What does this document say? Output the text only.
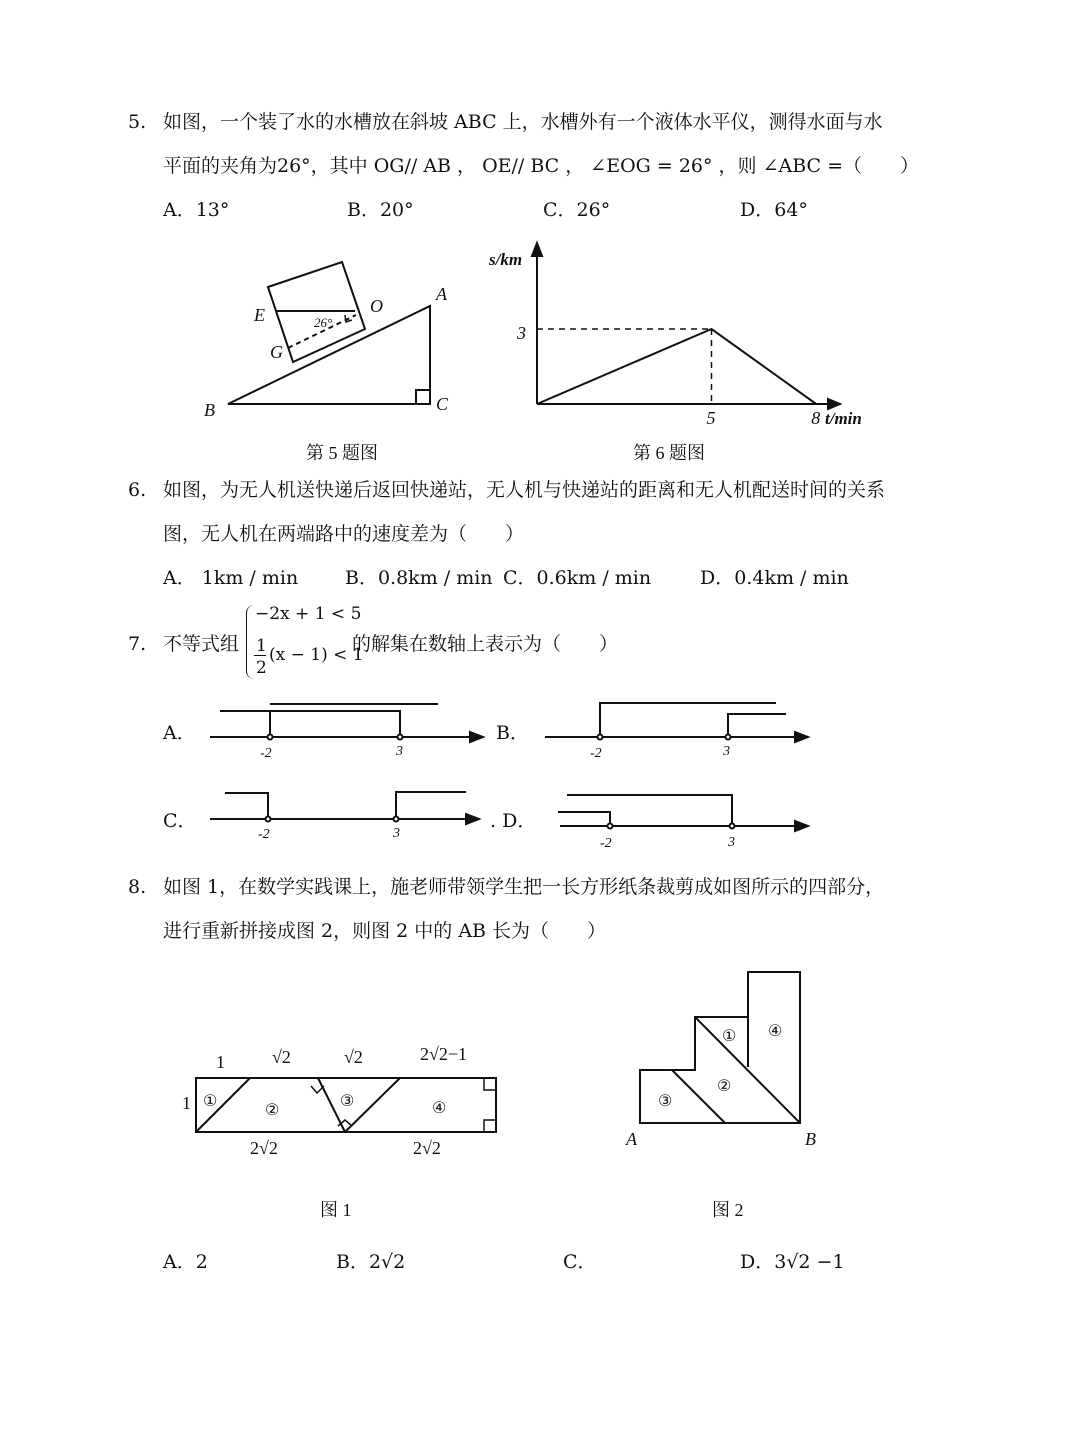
5. 如图，一个装了水的水槽放在斜坡 ABC 上，水槽外有一个液体水平仪，测得水面与水
平面的夹角为26°，其中 OG// AB ， OE// BC ， ∠EOG = 26° ，则 ∠ABC =（　　）
A．13°	B．20°	C．26°	D．64°
A
B	C
E
G
O
26°
第 5 题图
3
5	8
s/km
t/min
第 6 题图
6. 如图，为无人机送快递后返回快递站，无人机与快递站的距离和无人机配送时间的关系
图，无人机在两端路中的速度差为（　　）
A． 1km / min B．0.8km / min C．0.6km / min	D．0.4km / min
7. 不等式组
−2x + 1 < 5
1
2
(x − 1) < 1
的解集在数轴上表示为（　　）
A．	B．
C．	. D．
-2	3	-2	3
-2	3
-2	3
8. 如图 1，在数学实践课上，施老师带领学生把一长方形纸条裁剪成如图所示的四部分，
进行重新拼接成图 2，则图 2 中的 AB 长为（　　）
1	√2	√2	2√2−1
1
2√2	2√2
①
②
③	④
图 1
①
②
③
④
A	B
图 2
A．2	B．2√2	C．	D．3√2 −1
